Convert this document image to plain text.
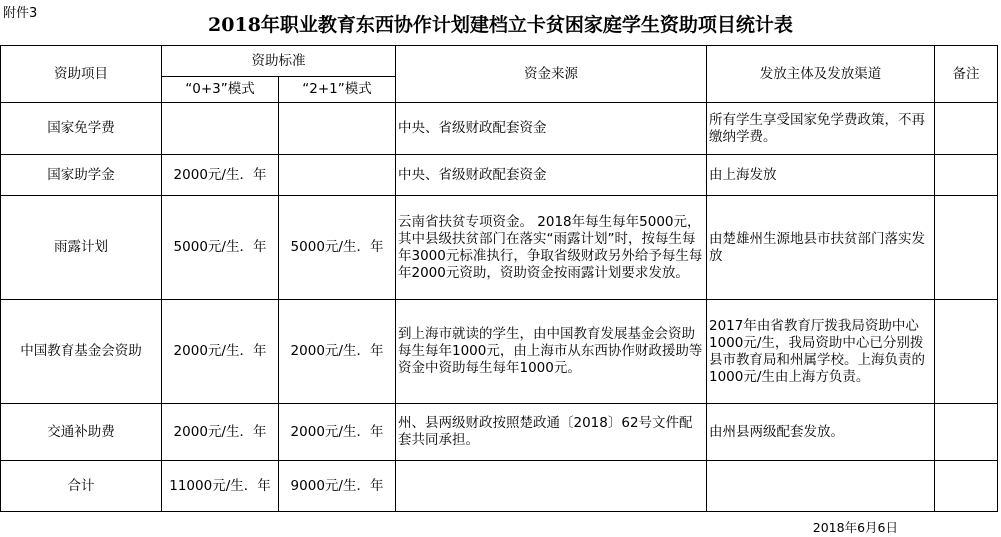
附件3
2018年职业教育东西协作计划建档立卡贫困家庭学生资助项目统计表
资助项目	资助标准		资金来源	发放主体及发放渠道	备注
	“0+3”模式	“2+1”模式			
国家免学费			中央、省级财政配套资金	所有学生享受国家免学费政策，不再缴纳学费。	
国家助学金	2000元/生．年		中央、省级财政配套资金	由上海发放	
雨露计划	5000元/生．年	5000元/生．年	云南省扶贫专项资金。 2018年每生每年5000元，其中县级扶贫部门在落实“雨露计划”时，按每生每年3000元标准执行，争取省级财政另外给予每生每年2000元资助，资助资金按雨露计划要求发放。	由楚雄州生源地县市扶贫部门落实发放	
中国教育基金会资助	2000元/生．年	2000元/生．年	到上海市就读的学生，由中国教育发展基金会资助每生每年1000元，由上海市从东西协作财政援助等资金中资助每生每年1000元。	2017年由省教育厅拨我局资助中心1000元/生，我局资助中心已分别拨县市教育局和州属学校。上海负责的1000元/生由上海方负责。	
交通补助费	2000元/生．年	2000元/生．年	州、县两级财政按照楚政通〔2018〕62号文件配套共同承担。	由州县两级配套发放。	
合计	11000元/生．年	9000元/生．年			
2018年6月6日
